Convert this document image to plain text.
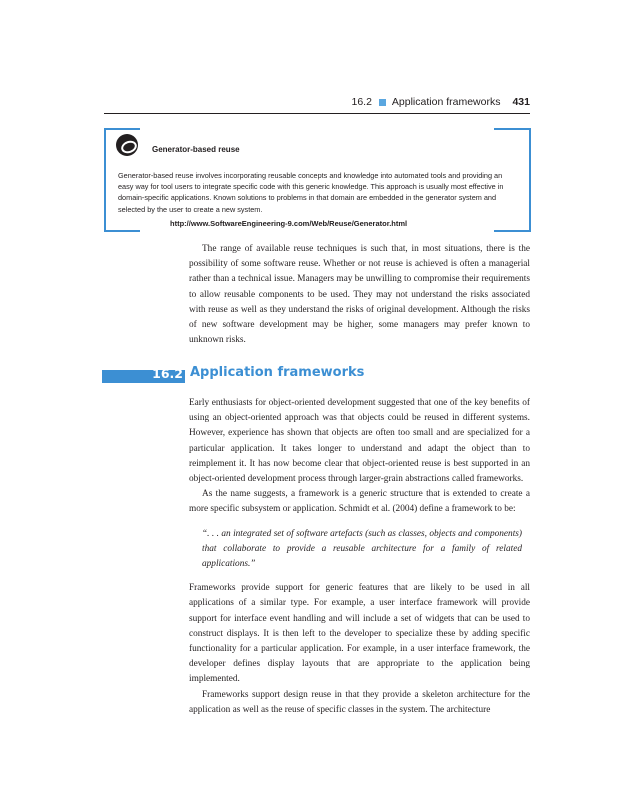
16.2 Application frameworks 431
Generator-based reuse
Generator-based reuse involves incorporating reusable concepts and knowledge into automated tools and providing an easy way for tool users to integrate specific code with this generic knowledge. This approach is usually most effective in domain-specific applications. Known solutions to problems in that domain are embedded in the generator system and selected by the user to create a new system.
http://www.SoftwareEngineering-9.com/Web/Reuse/Generator.html

The range of available reuse techniques is such that, in most situations, there is the possibility of some software reuse. Whether or not reuse is achieved is often a managerial rather than a technical issue. Managers may be unwilling to compromise their requirements to allow reusable components to be used. They may not understand the risks associated with reuse as well as they understand the risks of original development. Although the risks of new software development may be higher, some managers may prefer known to unknown risks.

16.2 Application frameworks

Early enthusiasts for object-oriented development suggested that one of the key benefits of using an object-oriented approach was that objects could be reused in different systems. However, experience has shown that objects are often too small and are specialized for a particular application. It takes longer to understand and adapt the object than to reimplement it. It has now become clear that object-oriented reuse is best supported in an object-oriented development process through larger-grain abstractions called frameworks.

As the name suggests, a framework is a generic structure that is extended to create a more specific subsystem or application. Schmidt et al. (2004) define a framework to be:

“. . . an integrated set of software artefacts (such as classes, objects and components) that collaborate to provide a reusable architecture for a family of related applications.”

Frameworks provide support for generic features that are likely to be used in all applications of a similar type. For example, a user interface framework will provide support for interface event handling and will include a set of widgets that can be used to construct displays. It is then left to the developer to specialize these by adding specific functionality for a particular application. For example, in a user interface framework, the developer defines display layouts that are appropriate to the application being implemented.

Frameworks support design reuse in that they provide a skeleton architecture for the application as well as the reuse of specific classes in the system. The architecture
